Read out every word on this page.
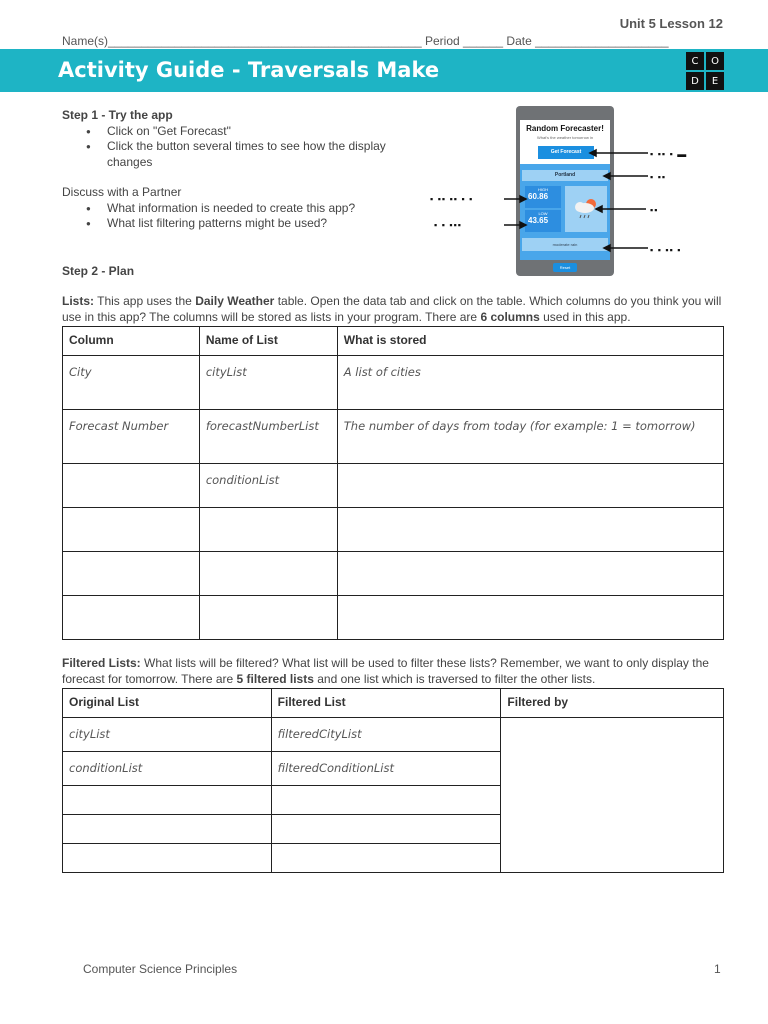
Unit 5 Lesson 12
Name(s)_______________________________________________ Period ______ Date ____________________
Activity Guide - Traversals Make	C	O
D	E
Step 1 - Try the app
● Click on "Get Forecast"
● Click the button several times to see how the display changes
Discuss with a Partner
● What information is needed to create this app?
● What list filtering patterns might be used?
Random Forecaster!
What's the weather tomorrow in
Get Forecast
Portland
HIGH
60.86
LOW
43.65
moderate rain
Reset
▪ ▪▪ ▪ ▬
▪ ▪▪
▪ ▪▪ ▪▪ ▪ ▪
▪▪
▪ ▪ ▪▪▪
▪ ▪ ▪▪ ▪
Step 2 - Plan
Lists: This app uses the Daily Weather table. Open the data tab and click on the table. Which columns do you think you will use in this app? The columns will be stored as lists in your program. There are 6 columns used in this app.
Column	Name of List	What is stored
City	cityList	A list of cities
Forecast Number	forecastNumberList	The number of days from today (for example: 1 = tomorrow)
	conditionList	

Filtered Lists: What lists will be filtered? What list will be used to filter these lists? Remember, we want to only display the forecast for tomorrow. There are 5 filtered lists and one list which is traversed to filter the other lists.
Original List	Filtered List	Filtered by
cityList	filteredCityList	
conditionList	filteredConditionList	

Computer Science Principles	1
